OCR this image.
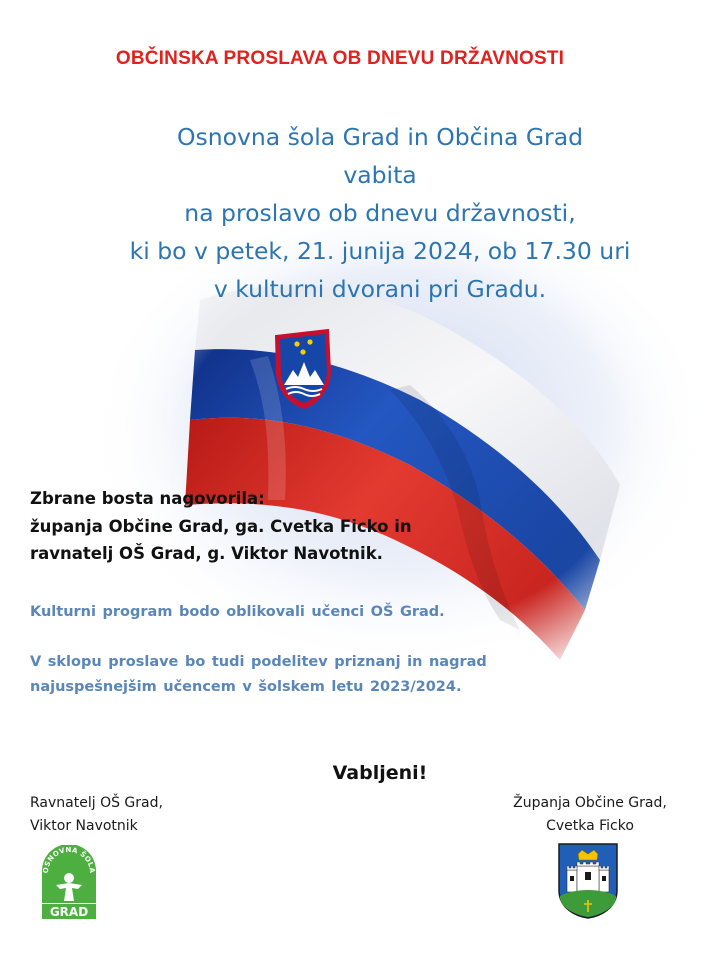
OBČINSKA PROSLAVA OB DNEVU DRŽAVNOSTI
Osnovna šola Grad in Občina Grad
vabita
na proslavo ob dnevu državnosti,
ki bo v petek, 21. junija 2024, ob 17.30 uri
v kulturni dvorani pri Gradu.
Zbrane bosta nagovorila:
županja Občine Grad, ga. Cvetka Ficko in
ravnatelj OŠ Grad, g. Viktor Navotnik.
Kulturni program bodo oblikovali učenci OŠ Grad.
V sklopu proslave bo tudi podelitev priznanj in nagrad
najuspešnejšim učencem v šolskem letu 2023/2024.
Vabljeni!
Ravnatelj OŠ Grad,
Viktor Navotnik
Županja Občine Grad,
Cvetka Ficko
OSNOVNA ŠOLA
GRAD
